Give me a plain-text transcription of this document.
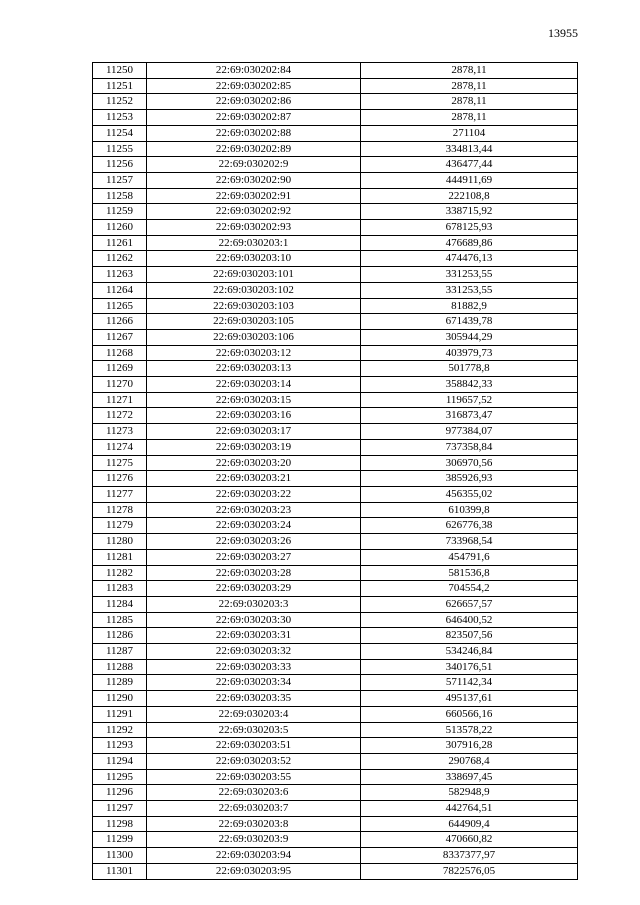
13955
11250	22:69:030202:84	2878,11
11251	22:69:030202:85	2878,11
11252	22:69:030202:86	2878,11
11253	22:69:030202:87	2878,11
11254	22:69:030202:88	271104
11255	22:69:030202:89	334813,44
11256	22:69:030202:9	436477,44
11257	22:69:030202:90	444911,69
11258	22:69:030202:91	222108,8
11259	22:69:030202:92	338715,92
11260	22:69:030202:93	678125,93
11261	22:69:030203:1	476689,86
11262	22:69:030203:10	474476,13
11263	22:69:030203:101	331253,55
11264	22:69:030203:102	331253,55
11265	22:69:030203:103	81882,9
11266	22:69:030203:105	671439,78
11267	22:69:030203:106	305944,29
11268	22:69:030203:12	403979,73
11269	22:69:030203:13	501778,8
11270	22:69:030203:14	358842,33
11271	22:69:030203:15	119657,52
11272	22:69:030203:16	316873,47
11273	22:69:030203:17	977384,07
11274	22:69:030203:19	737358,84
11275	22:69:030203:20	306970,56
11276	22:69:030203:21	385926,93
11277	22:69:030203:22	456355,02
11278	22:69:030203:23	610399,8
11279	22:69:030203:24	626776,38
11280	22:69:030203:26	733968,54
11281	22:69:030203:27	454791,6
11282	22:69:030203:28	581536,8
11283	22:69:030203:29	704554,2
11284	22:69:030203:3	626657,57
11285	22:69:030203:30	646400,52
11286	22:69:030203:31	823507,56
11287	22:69:030203:32	534246,84
11288	22:69:030203:33	340176,51
11289	22:69:030203:34	571142,34
11290	22:69:030203:35	495137,61
11291	22:69:030203:4	660566,16
11292	22:69:030203:5	513578,22
11293	22:69:030203:51	307916,28
11294	22:69:030203:52	290768,4
11295	22:69:030203:55	338697,45
11296	22:69:030203:6	582948,9
11297	22:69:030203:7	442764,51
11298	22:69:030203:8	644909,4
11299	22:69:030203:9	470660,82
11300	22:69:030203:94	8337377,97
11301	22:69:030203:95	7822576,05
